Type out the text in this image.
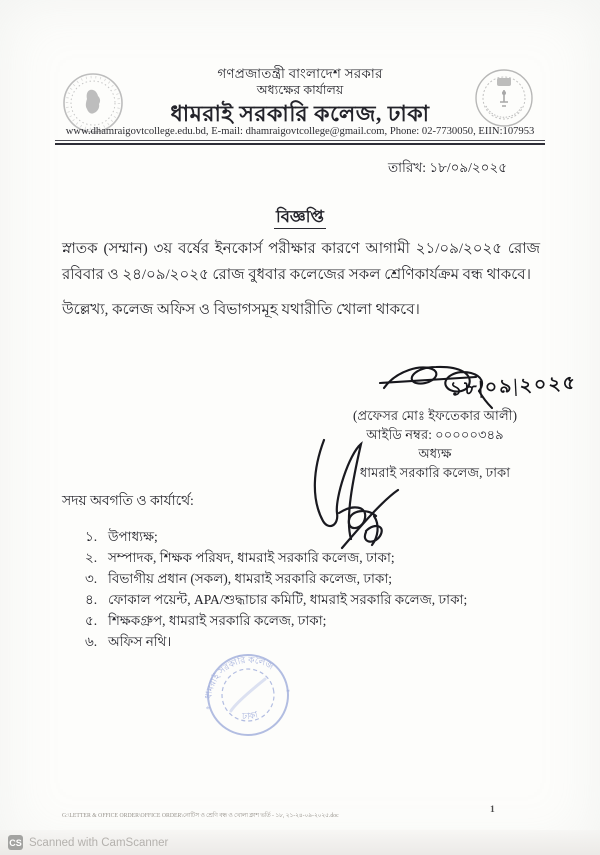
গণপ্রজাতন্ত্রী বাংলাদেশ সরকার
অধ্যক্ষের কার্যালয়
ধামরাই সরকারি কলেজ, ঢাকা
www.dhamraigovtcollege.edu.bd, E-mail: dhamraigovtcollege@gmail.com, Phone: 02-7730050, EIIN:107953
তারিখ: ১৮/০৯/২০২৫
বিজ্ঞপ্তি
স্নাতক (সম্মান) ৩য় বর্ষের ইনকোর্স পরীক্ষার কারণে আগামী ২১/০৯/২০২৫ রোজ রবিবার ও ২৪/০৯/২০২৫ রোজ বুধবার কলেজের সকল শ্রেণিকার্যক্রম বন্ধ থাকবে।
উল্লেখ্য, কলেজ অফিস ও বিভাগসমূহ যথারীতি খোলা থাকবে।
১৮|০৯|২০২৫
(প্রফেসর মোঃ ইফতেকার আলী)
আইডি নম্বর: ০০০০০৩৪৯
অধ্যক্ষ
ধামরাই সরকারি কলেজ, ঢাকা
সদয় অবগতি ও কার্যার্থে:
১. উপাধ্যক্ষ;
২. সম্পাদক, শিক্ষক পরিষদ, ধামরাই সরকারি কলেজ, ঢাকা;
৩. বিভাগীয় প্রধান (সকল), ধামরাই সরকারি কলেজ, ঢাকা;
৪. ফোকাল পয়েন্ট, APA/শুদ্ধাচার কমিটি, ধামরাই সরকারি কলেজ, ঢাকা;
৫. শিক্ষকগ্রুপ, ধামরাই সরকারি কলেজ, ঢাকা;
৬. অফিস নথি।
ধামরাই সরকারি কলেজ
ঢাকা
*
*
G:\LETTER & OFFICE ORDER\OFFICE ORDER\নোটিস ও শ্রেণি বন্ধ ও খোলা ক্লাশ ভর্তি - ১৮, ২১-২৪-০৯-২০২৫.doc	1
CS Scanned with CamScanner
